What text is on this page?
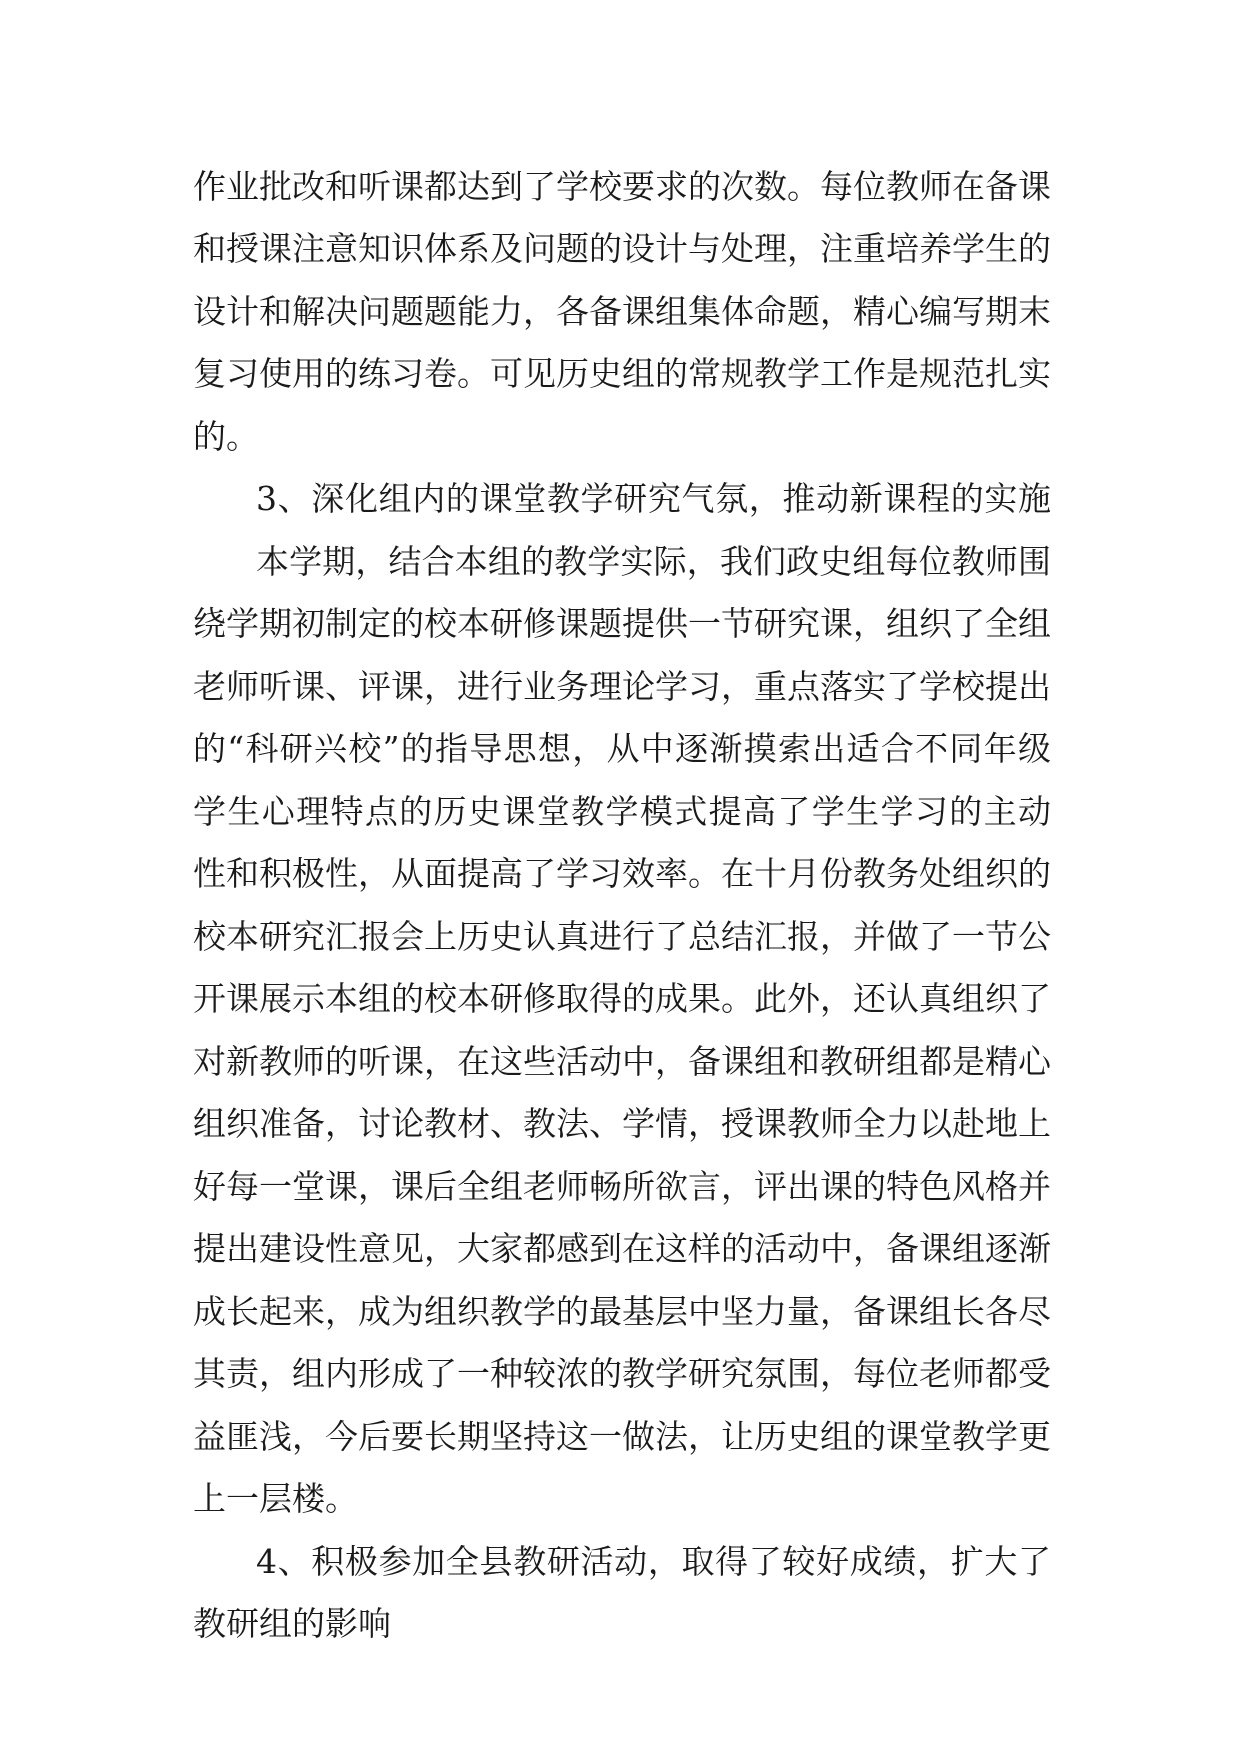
作业批改和听课都达到了学校要求的次数。每位教师在备课
和授课注意知识体系及问题的设计与处理，注重培养学生的
设计和解决问题题能力，各备课组集体命题，精心编写期末
复习使用的练习卷。可见历史组的常规教学工作是规范扎实
的。
3、深化组内的课堂教学研究气氛，推动新课程的实施
本学期，结合本组的教学实际，我们政史组每位教师围
绕学期初制定的校本研修课题提供一节研究课，组织了全组
老师听课、评课，进行业务理论学习，重点落实了学校提出
的“科研兴校”的指导思想，从中逐渐摸索出适合不同年级
学生心理特点的历史课堂教学模式提高了学生学习的主动
性和积极性，从面提高了学习效率。在十月份教务处组织的
校本研究汇报会上历史认真进行了总结汇报，并做了一节公
开课展示本组的校本研修取得的成果。此外，还认真组织了
对新教师的听课，在这些活动中，备课组和教研组都是精心
组织准备，讨论教材、教法、学情，授课教师全力以赴地上
好每一堂课，课后全组老师畅所欲言，评出课的特色风格并
提出建设性意见，大家都感到在这样的活动中，备课组逐渐
成长起来，成为组织教学的最基层中坚力量，备课组长各尽
其责，组内形成了一种较浓的教学研究氛围，每位老师都受
益匪浅，今后要长期坚持这一做法，让历史组的课堂教学更
上一层楼。
4、积极参加全县教研活动，取得了较好成绩，扩大了
教研组的影响
